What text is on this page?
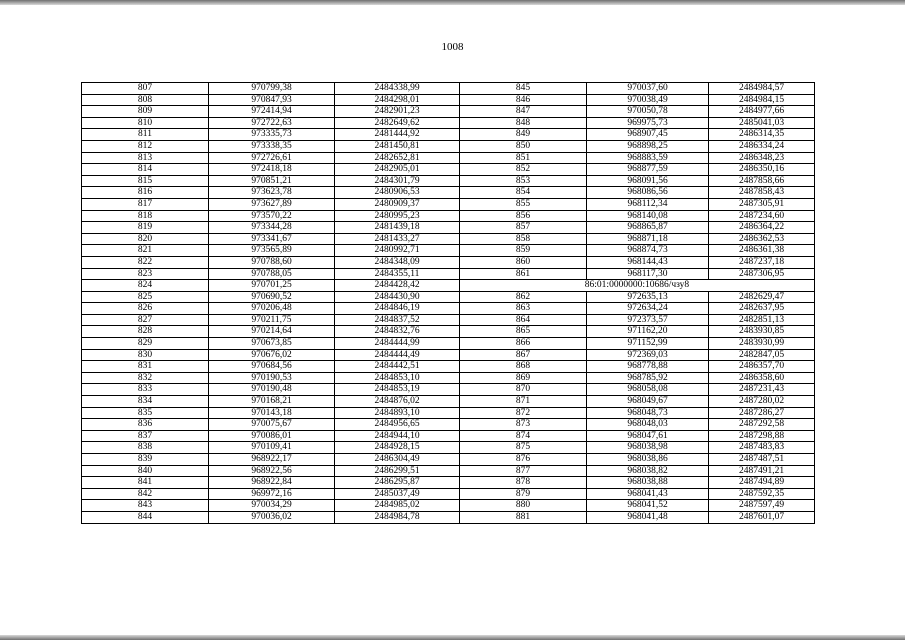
1008
807	970799,38	2484338,99	845	970037,60	2484984,57
808	970847,93	2484298,01	846	970038,49	2484984,15
809	972414,94	2482901,23	847	970050,78	2484977,66
810	972722,63	2482649,62	848	969975,73	2485041,03
811	973335,73	2481444,92	849	968907,45	2486314,35
812	973338,35	2481450,81	850	968898,25	2486334,24
813	972726,61	2482652,81	851	968883,59	2486348,23
814	972418,18	2482905,01	852	968877,59	2486350,16
815	970851,21	2484301,79	853	968091,56	2487858,66
816	973623,78	2480906,53	854	968086,56	2487858,43
817	973627,89	2480909,37	855	968112,34	2487305,91
818	973570,22	2480995,23	856	968140,08	2487234,60
819	973344,28	2481439,18	857	968865,87	2486364,22
820	973341,67	2481433,27	858	968871,18	2486362,53
821	973565,89	2480992,71	859	968874,73	2486361,38
822	970788,60	2484348,09	860	968144,43	2487237,18
823	970788,05	2484355,11	861	968117,30	2487306,95
824	970701,25	2484428,42	86:01:0000000:10686/чзу8		
825	970690,52	2484430,90	862	972635,13	2482629,47
826	970206,48	2484846,19	863	972634,24	2482637,95
827	970211,75	2484837,52	864	972373,57	2482851,13
828	970214,64	2484832,76	865	971162,20	2483930,85
829	970673,85	2484444,99	866	971152,99	2483930,99
830	970676,02	2484444,49	867	972369,03	2482847,05
831	970684,56	2484442,51	868	968778,88	2486357,70
832	970190,53	2484853,10	869	968785,92	2486358,60
833	970190,48	2484853,19	870	968058,08	2487231,43
834	970168,21	2484876,02	871	968049,67	2487280,02
835	970143,18	2484893,10	872	968048,73	2487286,27
836	970075,67	2484956,65	873	968048,03	2487292,58
837	970086,01	2484944,10	874	968047,61	2487298,88
838	970109,41	2484928,15	875	968038,98	2487483,83
839	968922,17	2486304,49	876	968038,86	2487487,51
840	968922,56	2486299,51	877	968038,82	2487491,21
841	968922,84	2486295,87	878	968038,88	2487494,89
842	969972,16	2485037,49	879	968041,43	2487592,35
843	970034,29	2484985,02	880	968041,52	2487597,49
844	970036,02	2484984,78	881	968041,48	2487601,07
